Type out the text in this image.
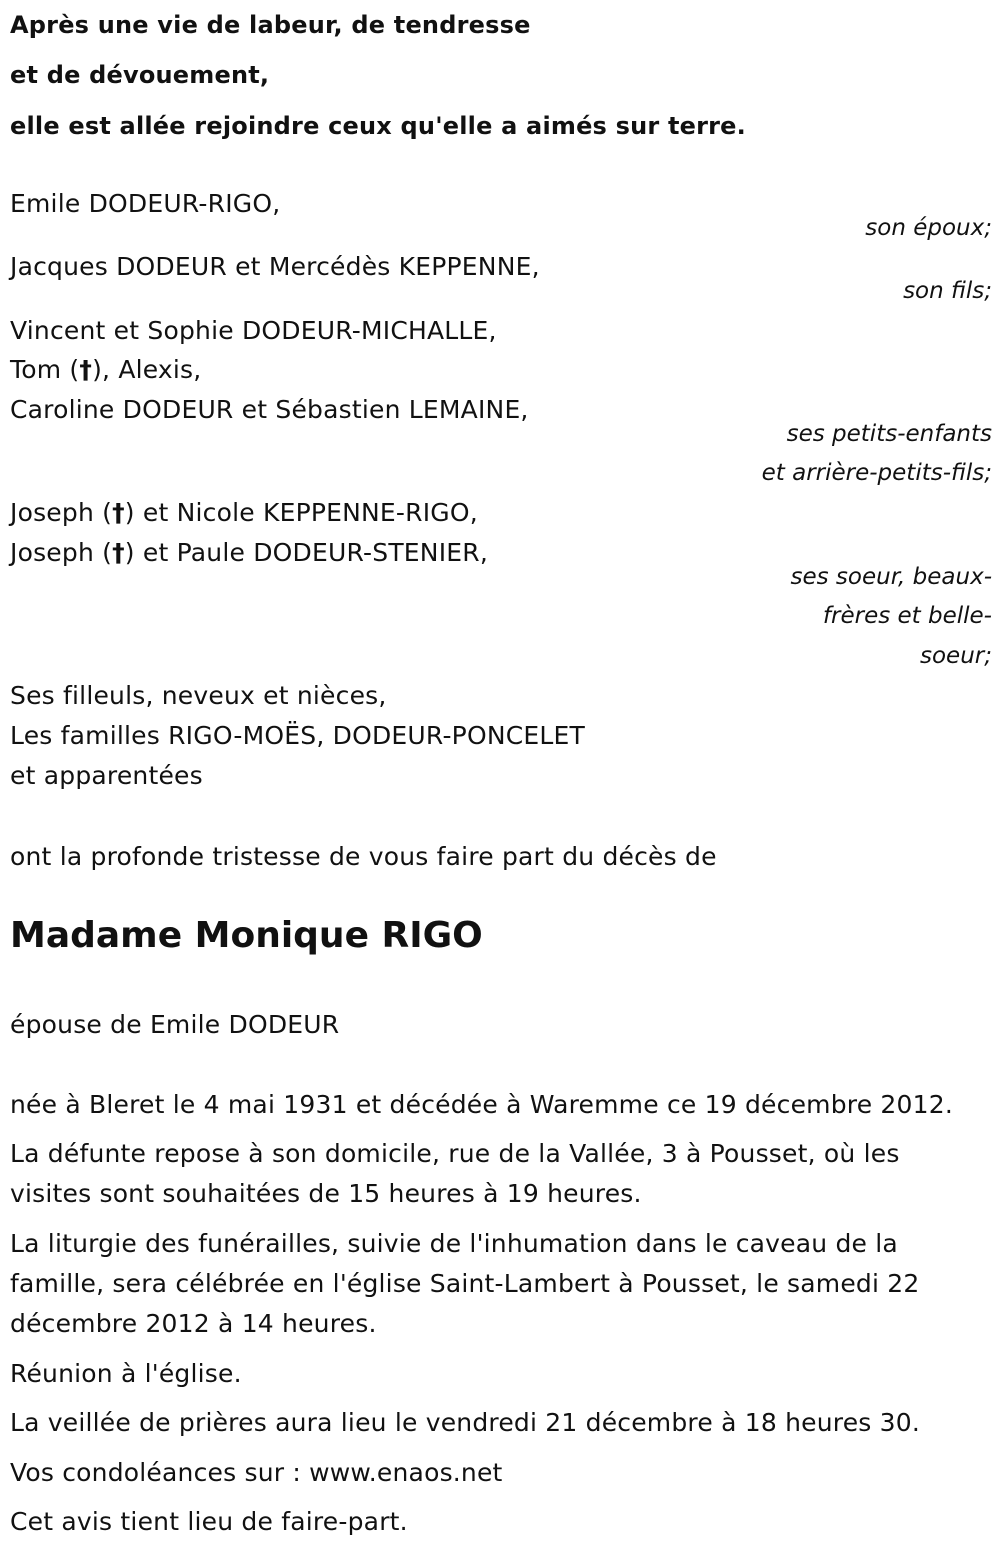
Après une vie de labeur, de tendresse
et de dévouement,
elle est allée rejoindre ceux qu'elle a aimés sur terre.
Emile DODEUR-RIGO,
son époux;
Jacques DODEUR et Mercédès KEPPENNE,
son fils;
Vincent et Sophie DODEUR-MICHALLE,
Tom (†), Alexis,
Caroline DODEUR et Sébastien LEMAINE,
ses petits-enfants
et arrière-petits-fils;
Joseph (†) et Nicole KEPPENNE-RIGO,
Joseph (†) et Paule DODEUR-STENIER,
ses soeur, beaux-
frères et belle-
soeur;
Ses filleuls, neveux et nièces,
Les familles RIGO-MOËS, DODEUR-PONCELET
et apparentées
ont la profonde tristesse de vous faire part du décès de
Madame Monique RIGO
épouse de Emile DODEUR
née à Bleret le 4 mai 1931 et décédée à Waremme ce 19 décembre 2012.
La défunte repose à son domicile, rue de la Vallée, 3 à Pousset, où les visites sont souhaitées de 15 heures à 19 heures.
La liturgie des funérailles, suivie de l'inhumation dans le caveau de la famille, sera célébrée en l'église Saint-Lambert à Pousset, le samedi 22 décembre 2012 à 14 heures.
Réunion à l'église.
La veillée de prières aura lieu le vendredi 21 décembre à 18 heures 30.
Vos condoléances sur : www.enaos.net
Cet avis tient lieu de faire-part.
